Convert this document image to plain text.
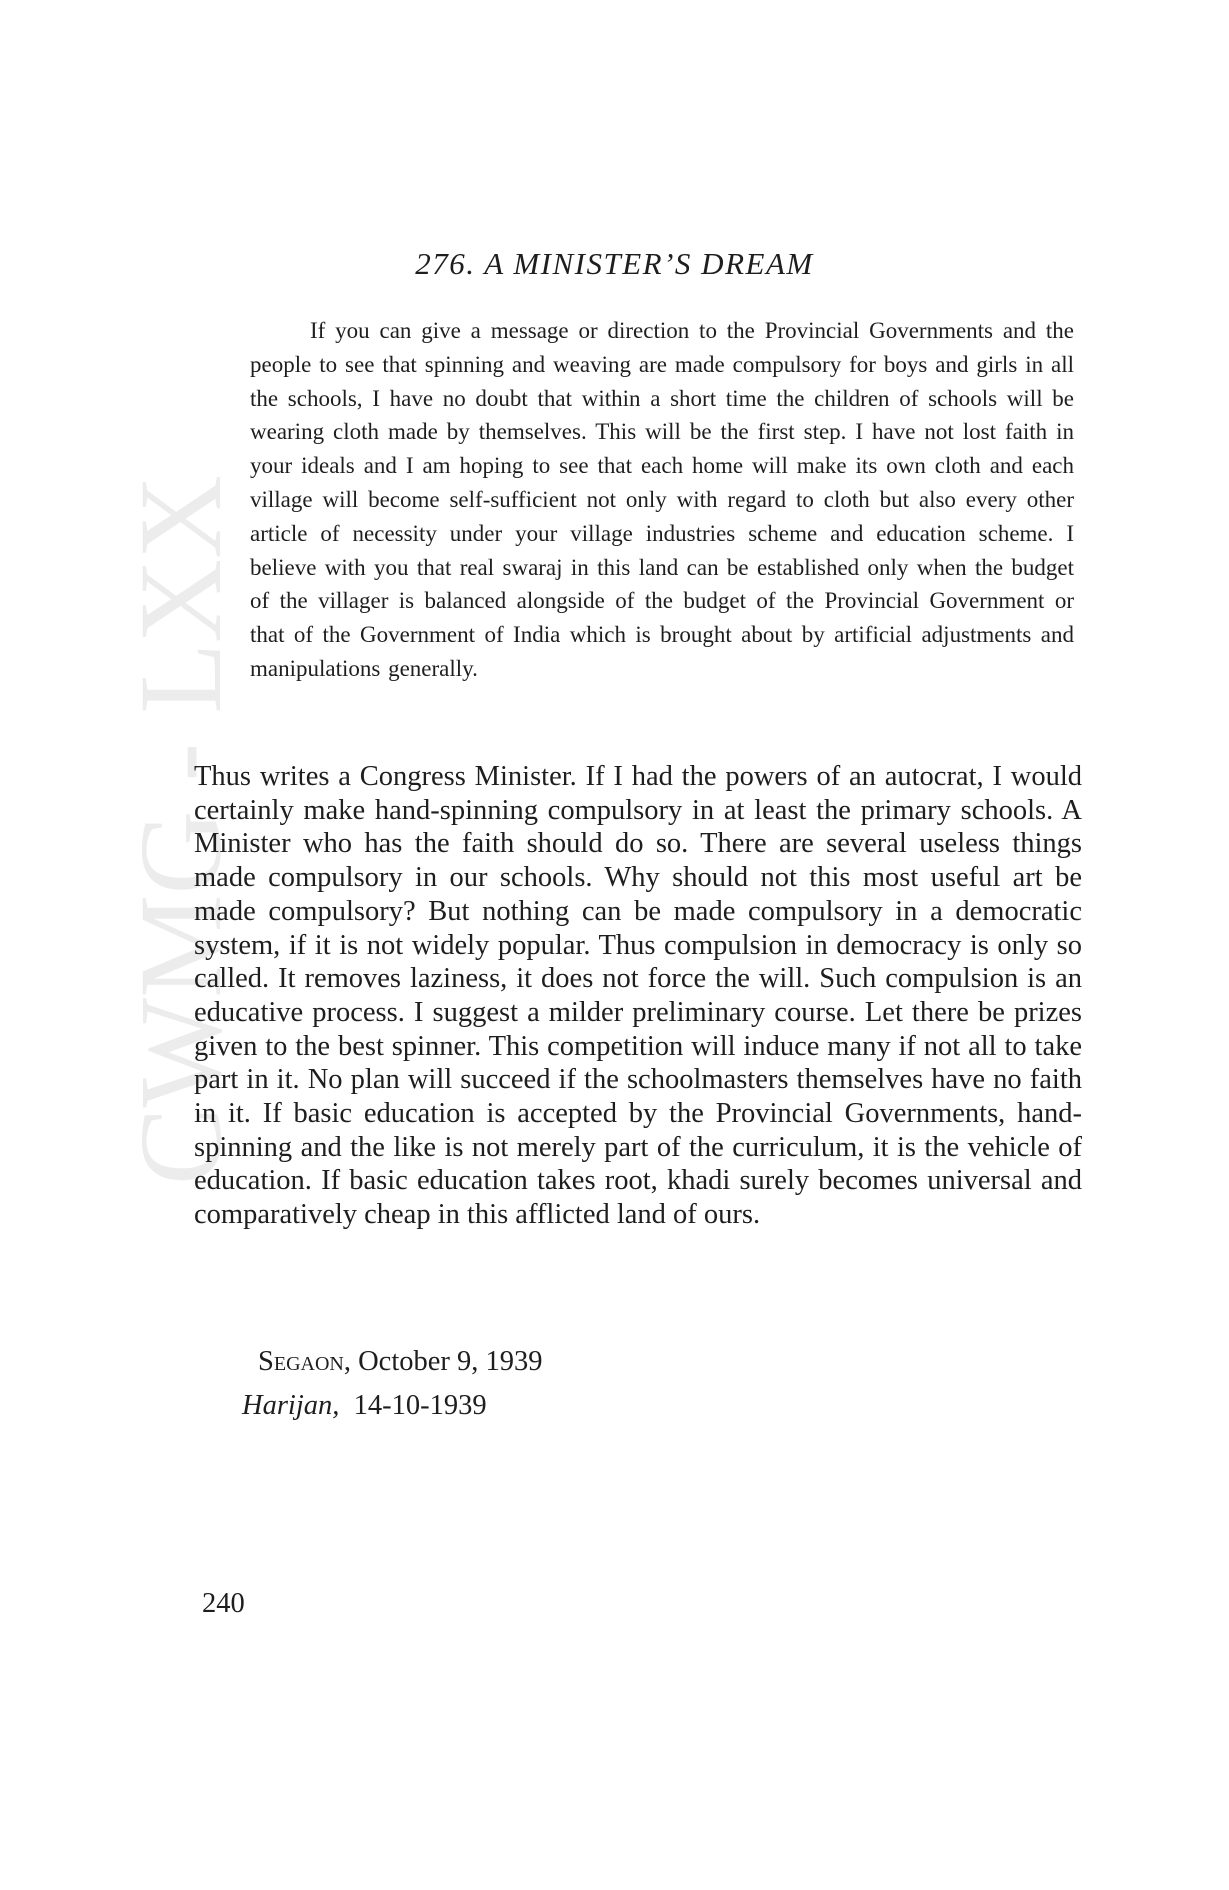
CWMG - LXX
276. A MINISTER’S DREAM

If you can give a message or direction to the Provincial Governments and the people to see that spinning and weaving are made compulsory for boys and girls in all the schools, I have no doubt that within a short time the children of schools will be wearing cloth made by themselves. This will be the first step. I have not lost faith in your ideals and I am hoping to see that each home will make its own cloth and each village will become self-sufficient not only with regard to cloth but also every other article of necessity under your village industries scheme and education scheme. I believe with you that real swaraj in this land can be established only when the budget of the villager is balanced alongside of the budget of the Provincial Government or that of the Government of India which is brought about by artificial adjustments and manipulations generally.

Thus writes a Congress Minister. If I had the powers of an autocrat, I would certainly make hand-spinning compulsory in at least the primary schools. A Minister who has the faith should do so. There are several useless things made compulsory in our schools. Why should not this most useful art be made compulsory? But nothing can be made compulsory in a democratic system, if it is not widely popular. Thus compulsion in democracy is only so called. It removes laziness, it does not force the will. Such compulsion is an educative process. I suggest a milder preliminary course. Let there be prizes given to the best spinner. This competition will induce many if not all to take part in it. No plan will succeed if the schoolmasters themselves have no faith in it. If basic education is accepted by the Provincial Governments, hand-spinning and the like is not merely part of the curriculum, it is the vehicle of education. If basic education takes root, khadi surely becomes universal and comparatively cheap in this afflicted land of ours.

Segaon, October 9, 1939

Harijan, 14-10-1939

240
